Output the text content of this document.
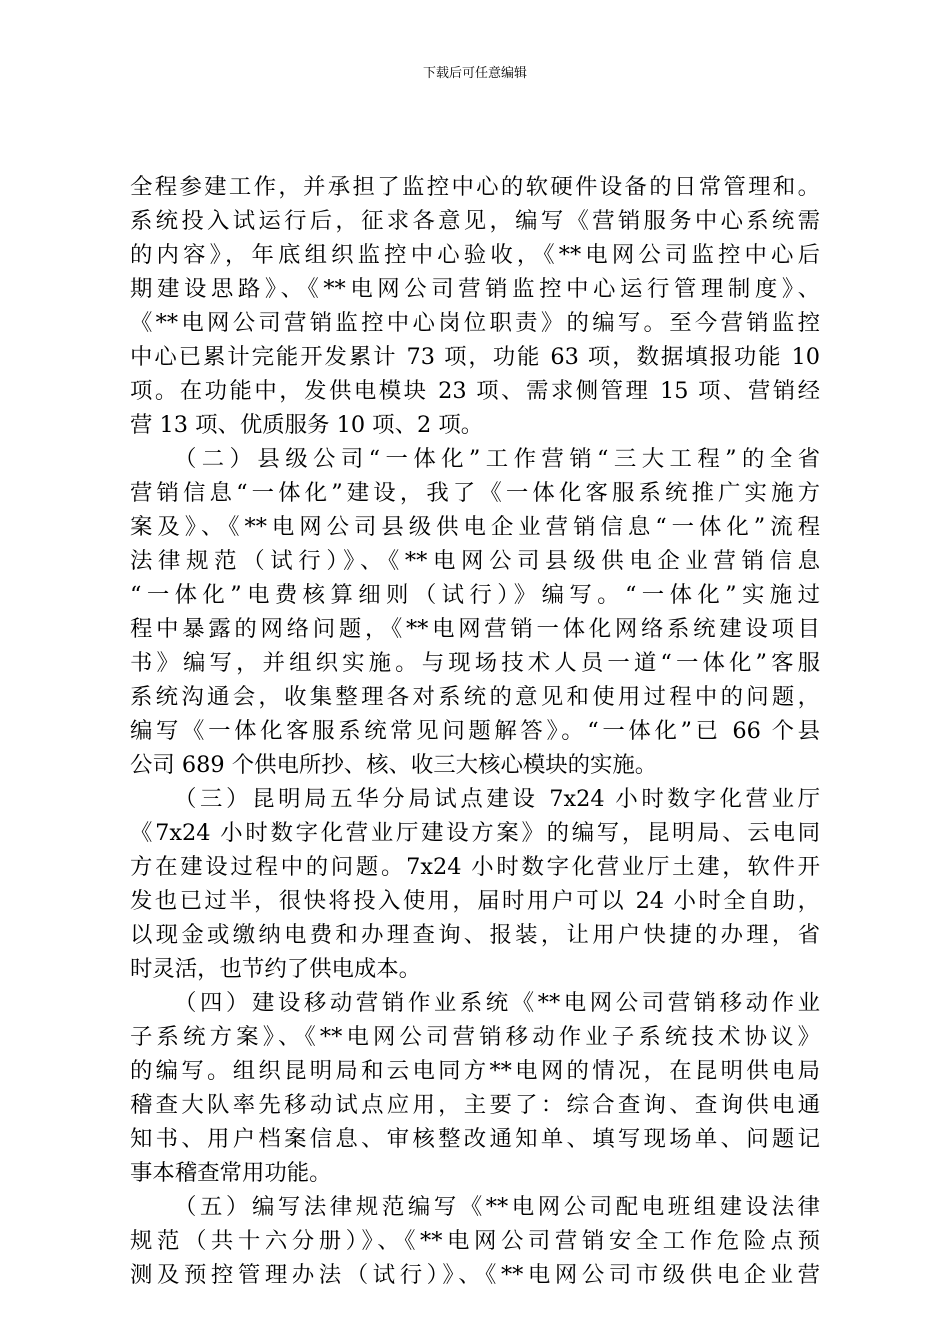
下载后可任意编辑
全程参建工作，并承担了监控中心的软硬件设备的日常管理和。
系统投入试运行后，征求各意见，编写《营销服务中心系统需
的内容》，年底组织监控中心验收，《**电网公司监控中心后
期建设思路》、《**电网公司营销监控中心运行管理制度》、
《**电网公司营销监控中心岗位职责》的编写。至今营销监控
中心已累计完能开发累计 73 项，功能 63 项，数据填报功能 10
项。在功能中，发供电模块 23 项、需求侧管理 15 项、营销经
营 13 项、优质服务 10 项、2 项。
（二）县级公司“一体化”工作营销“三大工程”的全省
营销信息“一体化”建设，我了《一体化客服系统推广实施方
案及》、《**电网公司县级供电企业营销信息“一体化”流程
法律规范（试行）》、《**电网公司县级供电企业营销信息
“一体化”电费核算细则（试行）》编写。“一体化”实施过
程中暴露的网络问题，《**电网营销一体化网络系统建设项目
书》编写，并组织实施。与现场技术人员一道“一体化”客服
系统沟通会，收集整理各对系统的意见和使用过程中的问题，
编写《一体化客服系统常见问题解答》。“一体化”已 66 个县
公司 689 个供电所抄、核、收三大核心模块的实施。
（三）昆明局五华分局试点建设 7x24 小时数字化营业厅
《7x24 小时数字化营业厅建设方案》的编写，昆明局、云电同
方在建设过程中的问题。7x24 小时数字化营业厅土建，软件开
发也已过半，很快将投入使用，届时用户可以 24 小时全自助，
以现金或缴纳电费和办理查询、报装，让用户快捷的办理，省
时灵活，也节约了供电成本。
（四）建设移动营销作业系统《**电网公司营销移动作业
子系统方案》、《**电网公司营销移动作业子系统技术协议》
的编写。组织昆明局和云电同方**电网的情况，在昆明供电局
稽查大队率先移动试点应用，主要了：综合查询、查询供电通
知书、用户档案信息、审核整改通知单、填写现场单、问题记
事本稽查常用功能。
（五）编写法律规范编写《**电网公司配电班组建设法律
规范（共十六分册）》、《**电网公司营销安全工作危险点预
测及预控管理办法（试行）》、《**电网公司市级供电企业营
